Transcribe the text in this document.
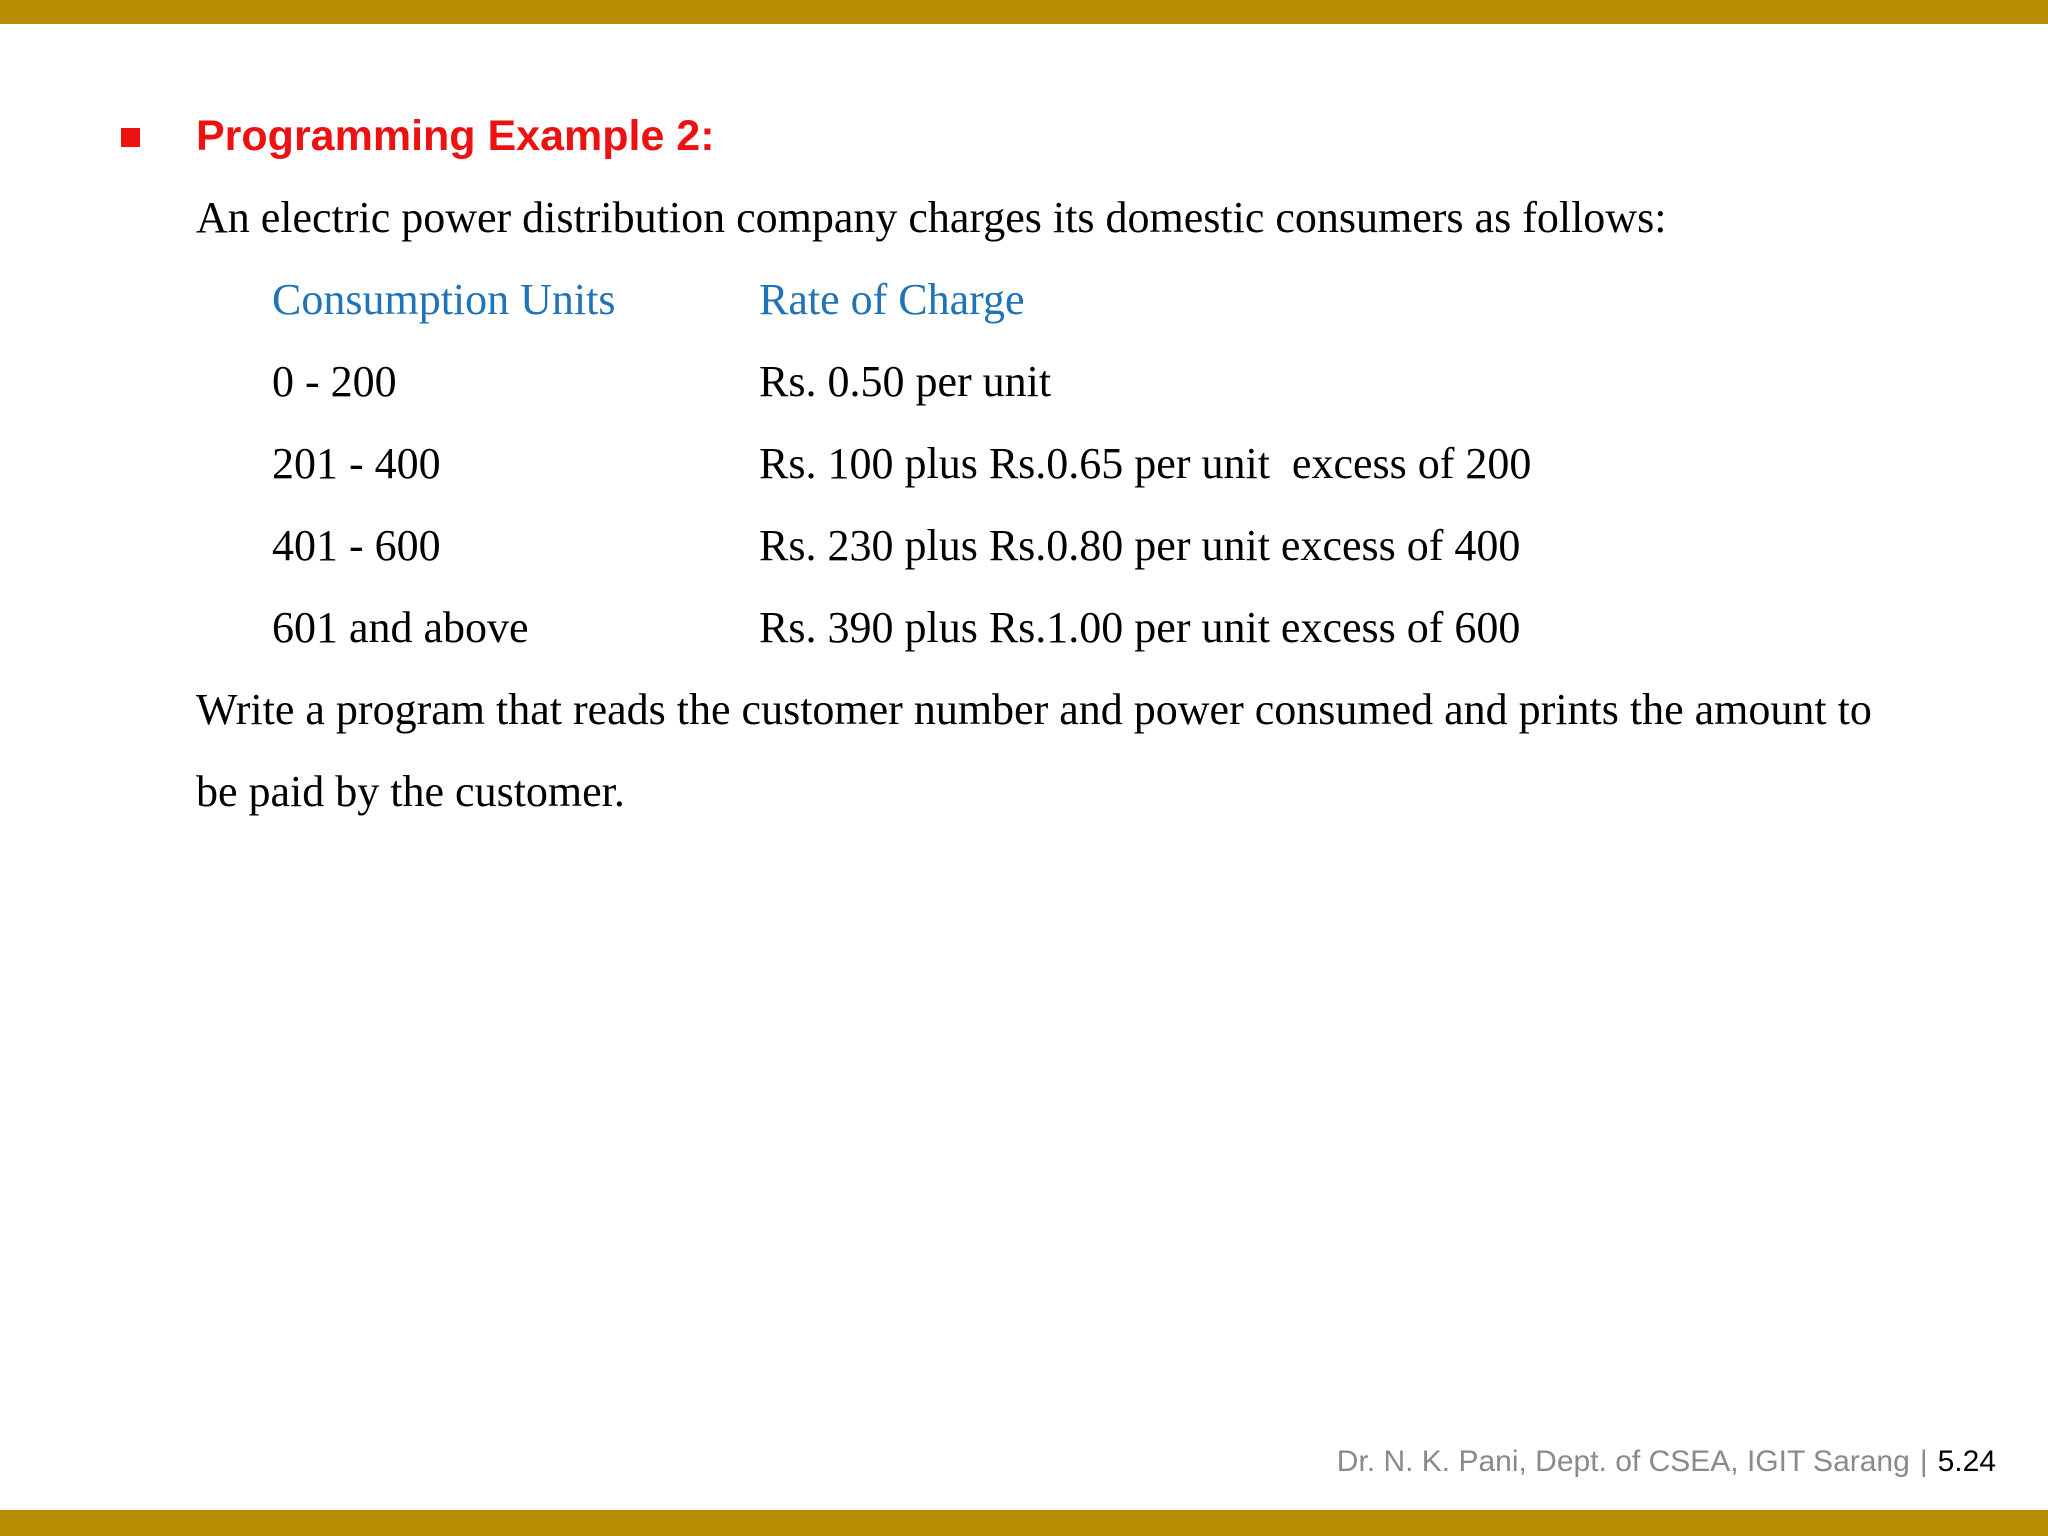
Programming Example 2:
An electric power distribution company charges its domestic consumers as follows:
Consumption Units	Rate of Charge
0 - 200	Rs. 0.50 per unit
201 - 400	Rs. 100 plus Rs.0.65 per unit  excess of 200
401 - 600	Rs. 230 plus Rs.0.80 per unit excess of 400
601 and above	Rs. 390 plus Rs.1.00 per unit excess of 600
Write a program that reads the customer number and power consumed and prints the amount to
be paid by the customer.
Dr. N. K. Pani, Dept. of CSEA, IGIT Sarang | 5.24
